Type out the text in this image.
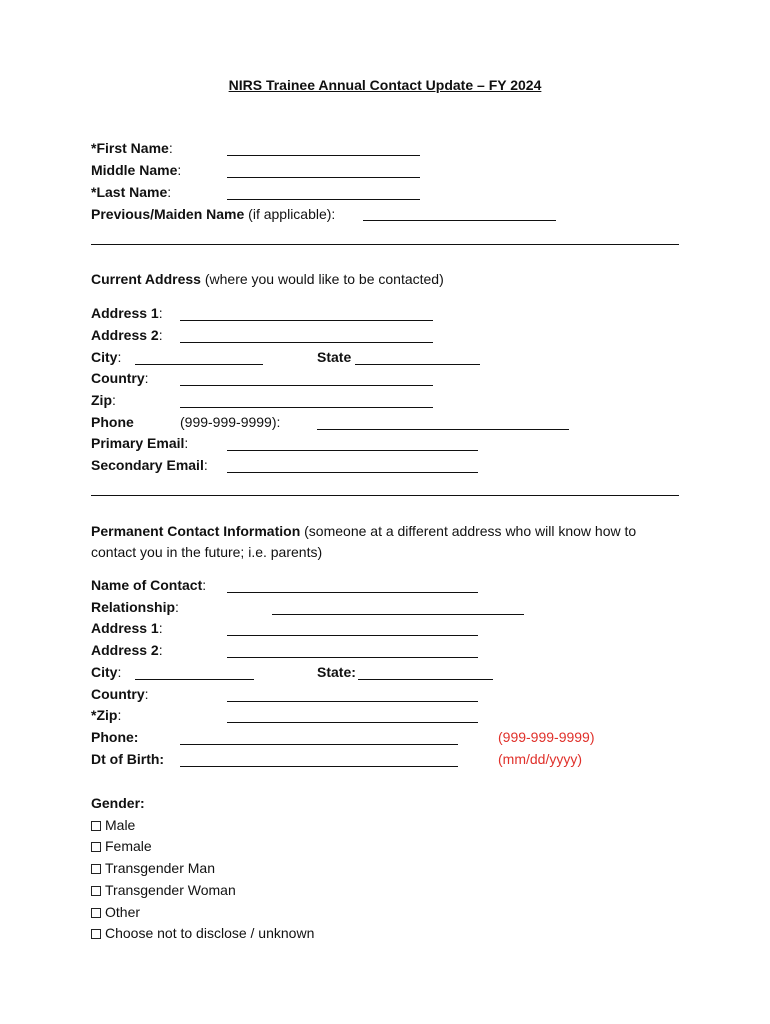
NIRS Trainee Annual Contact Update – FY 2024
*First Name:
Middle Name:
*Last Name:
Previous/Maiden Name (if applicable):
Current Address (where you would like to be contacted)
Address 1:
Address 2:
City:	State
Country:
Zip:
Phone	(999-999-9999):
Primary Email:
Secondary Email:
Permanent Contact Information (someone at a different address who will know how to
contact you in the future; i.e. parents)
Name of Contact:
Relationship:
Address 1:
Address 2:
City:	State:
Country:
*Zip:
Phone:	(999-999-9999)
Dt of Birth:	(mm/dd/yyyy)
Gender:
Male
Female
Transgender Man
Transgender Woman
Other
Choose not to disclose / unknown
